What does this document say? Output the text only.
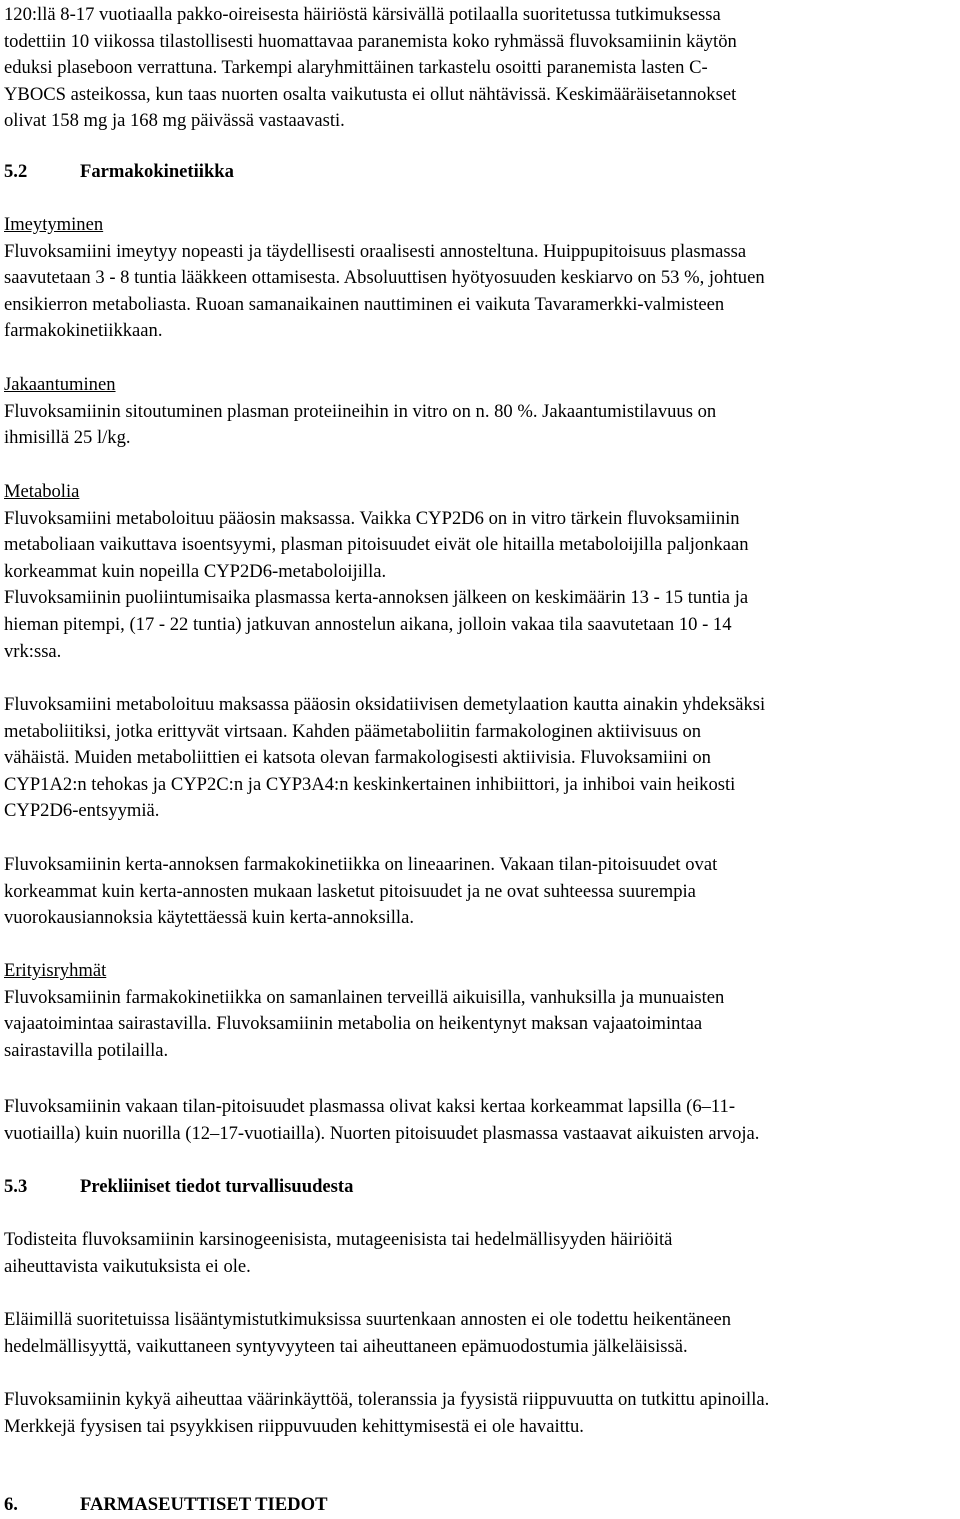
120:llä 8-17 vuotiaalla pakko-oireisesta häiriöstä kärsivällä potilaalla suoritetussa tutkimuksessa
todettiin 10 viikossa tilastollisesti huomattavaa paranemista koko ryhmässä fluvoksamiinin käytön
eduksi plaseboon verrattuna. Tarkempi alaryhmittäinen tarkastelu osoitti paranemista lasten C-
YBOCS asteikossa, kun taas nuorten osalta vaikutusta ei ollut nähtävissä. Keskimääräisetannokset
olivat 158 mg ja 168 mg päivässä vastaavasti.
5.2	Farmakokinetiikka
Imeytyminen
Fluvoksamiini imeytyy nopeasti ja täydellisesti oraalisesti annosteltuna. Huippupitoisuus plasmassa
saavutetaan 3 - 8 tuntia lääkkeen ottamisesta. Absoluuttisen hyötyosuuden keskiarvo on 53 %, johtuen
ensikierron metaboliasta. Ruoan samanaikainen nauttiminen ei vaikuta Tavaramerkki-valmisteen
farmakokinetiikkaan.
Jakaantuminen
Fluvoksamiinin sitoutuminen plasman proteiineihin in vitro on n. 80 %. Jakaantumistilavuus on
ihmisillä 25 l/kg.
Metabolia
Fluvoksamiini metaboloituu pääosin maksassa. Vaikka CYP2D6 on in vitro tärkein fluvoksamiinin
metaboliaan vaikuttava isoentsyymi, plasman pitoisuudet eivät ole hitailla metaboloijilla paljonkaan
korkeammat kuin nopeilla CYP2D6-metaboloijilla.
Fluvoksamiinin puoliintumisaika plasmassa kerta-annoksen jälkeen on keskimäärin 13 - 15 tuntia ja
hieman pitempi, (17 - 22 tuntia) jatkuvan annostelun aikana, jolloin vakaa tila saavutetaan 10 - 14
vrk:ssa.
Fluvoksamiini metaboloituu maksassa pääosin oksidatiivisen demetylaation kautta ainakin yhdeksäksi
metaboliitiksi, jotka erittyvät virtsaan. Kahden päämetaboliitin farmakologinen aktiivisuus on
vähäistä. Muiden metaboliittien ei katsota olevan farmakologisesti aktiivisia. Fluvoksamiini on
CYP1A2:n tehokas ja CYP2C:n ja CYP3A4:n keskinkertainen inhibiittori, ja inhiboi vain heikosti
CYP2D6-entsyymiä.
Fluvoksamiinin kerta-annoksen farmakokinetiikka on lineaarinen. Vakaan tilan-pitoisuudet ovat
korkeammat kuin kerta-annosten mukaan lasketut pitoisuudet ja ne ovat suhteessa suurempia
vuorokausiannoksia käytettäessä kuin kerta-annoksilla.
Erityisryhmät
Fluvoksamiinin farmakokinetiikka on samanlainen terveillä aikuisilla, vanhuksilla ja munuaisten
vajaatoimintaa sairastavilla. Fluvoksamiinin metabolia on heikentynyt maksan vajaatoimintaa
sairastavilla potilailla.
Fluvoksamiinin vakaan tilan-pitoisuudet plasmassa olivat kaksi kertaa korkeammat lapsilla (6–11-
vuotiailla) kuin nuorilla (12–17-vuotiailla). Nuorten pitoisuudet plasmassa vastaavat aikuisten arvoja.
5.3	Prekliiniset tiedot turvallisuudesta
Todisteita fluvoksamiinin karsinogeenisista, mutageenisista tai hedelmällisyyden häiriöitä
aiheuttavista vaikutuksista ei ole.
Eläimillä suoritetuissa lisääntymistutkimuksissa suurtenkaan annosten ei ole todettu heikentäneen
hedelmällisyyttä, vaikuttaneen syntyvyyteen tai aiheuttaneen epämuodostumia jälkeläisissä.
Fluvoksamiinin kykyä aiheuttaa väärinkäyttöä, toleranssia ja fyysistä riippuvuutta on tutkittu apinoilla.
Merkkejä fyysisen tai psyykkisen riippuvuuden kehittymisestä ei ole havaittu.
6.	FARMASEUTTISET TIEDOT
